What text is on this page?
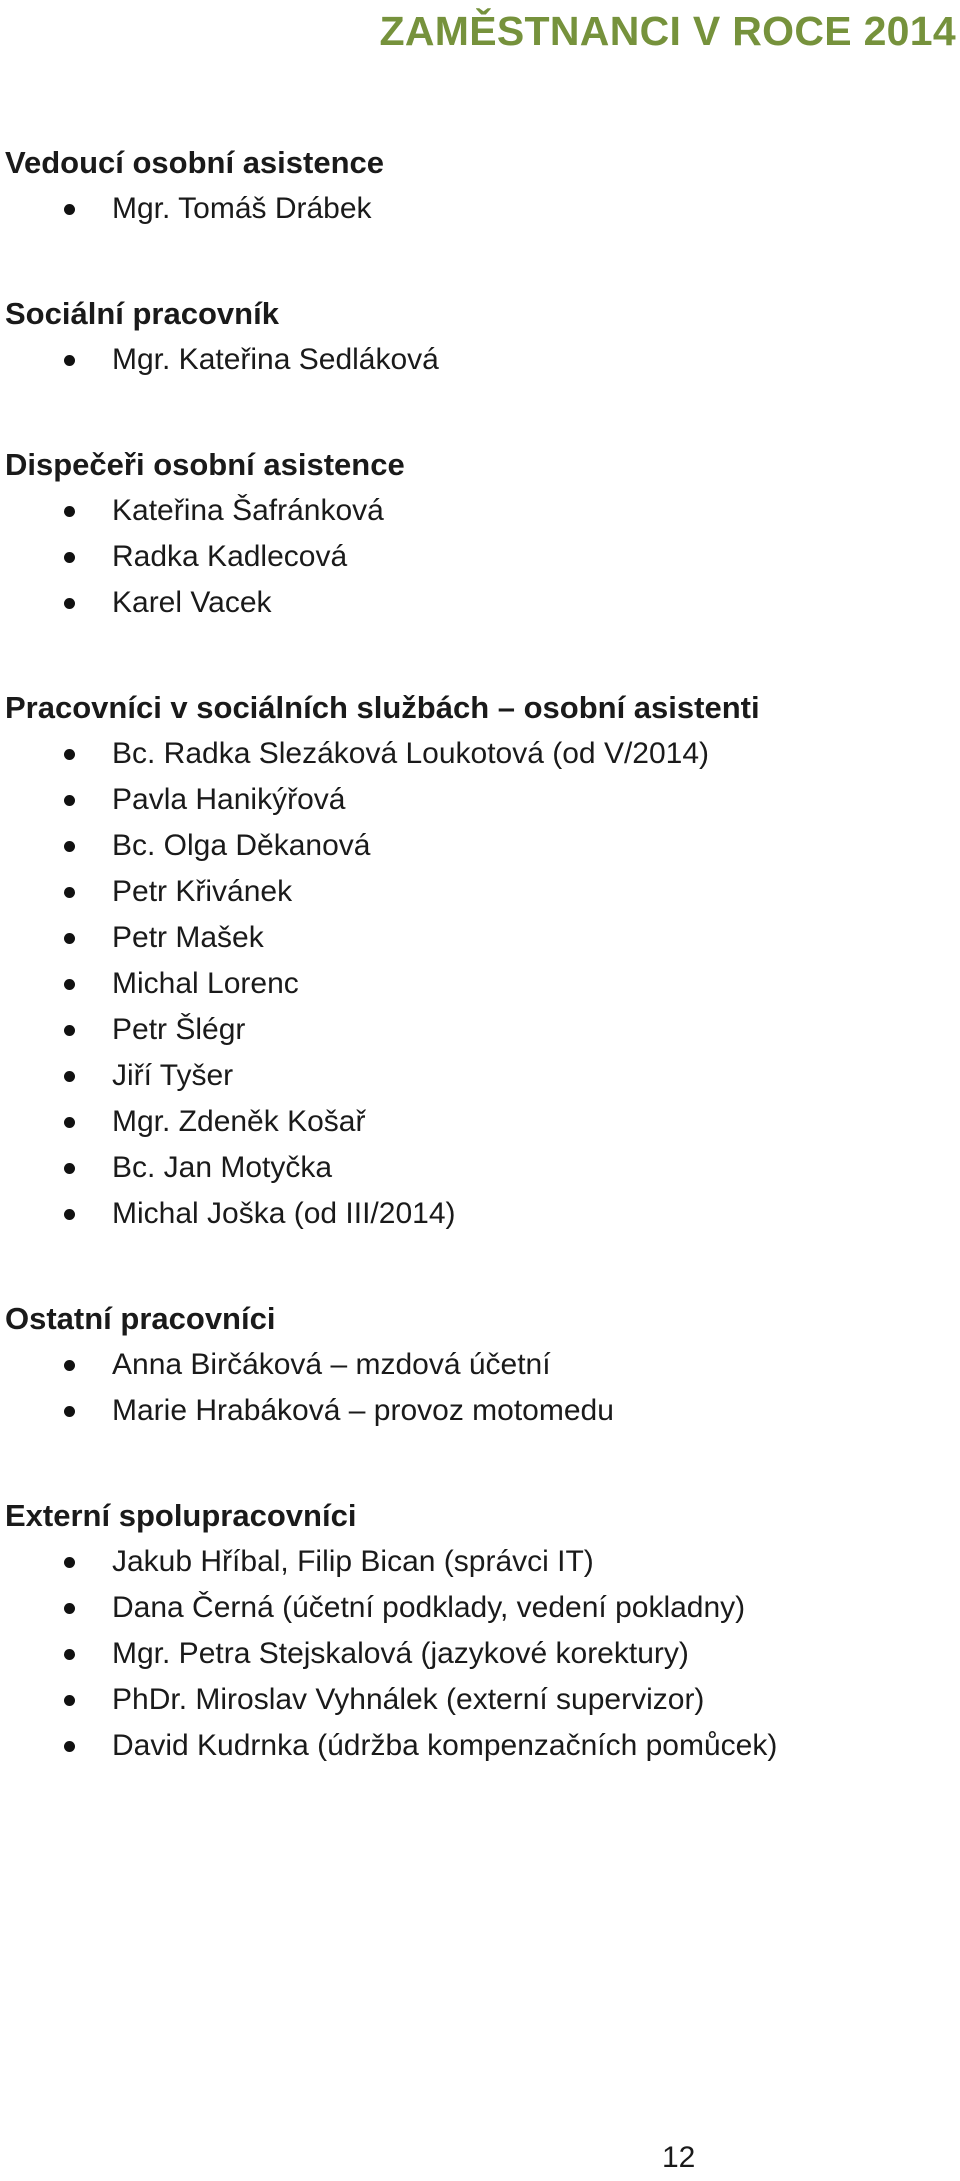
ZAMĚSTNANCI V ROCE 2014
Vedoucí osobní asistence
Mgr. Tomáš Drábek
Sociální pracovník
Mgr. Kateřina Sedláková
Dispečeři osobní asistence
Kateřina Šafránková
Radka Kadlecová
Karel Vacek
Pracovníci v sociálních službách – osobní asistenti
Bc. Radka Slezáková Loukotová (od V/2014)
Pavla Hanikýřová
Bc. Olga Děkanová
Petr Křivánek
Petr Mašek
Michal Lorenc
Petr Šlégr
Jiří Tyšer
Mgr. Zdeněk Košař
Bc. Jan Motyčka
Michal Joška (od III/2014)
Ostatní pracovníci
Anna Birčáková – mzdová účetní
Marie Hrabáková – provoz motomedu
Externí spolupracovníci
Jakub Hříbal, Filip Bican (správci IT)
Dana Černá (účetní podklady, vedení pokladny)
Mgr. Petra Stejskalová (jazykové korektury)
PhDr. Miroslav Vyhnálek (externí supervizor)
David Kudrnka (údržba kompenzačních pomůcek)
12
